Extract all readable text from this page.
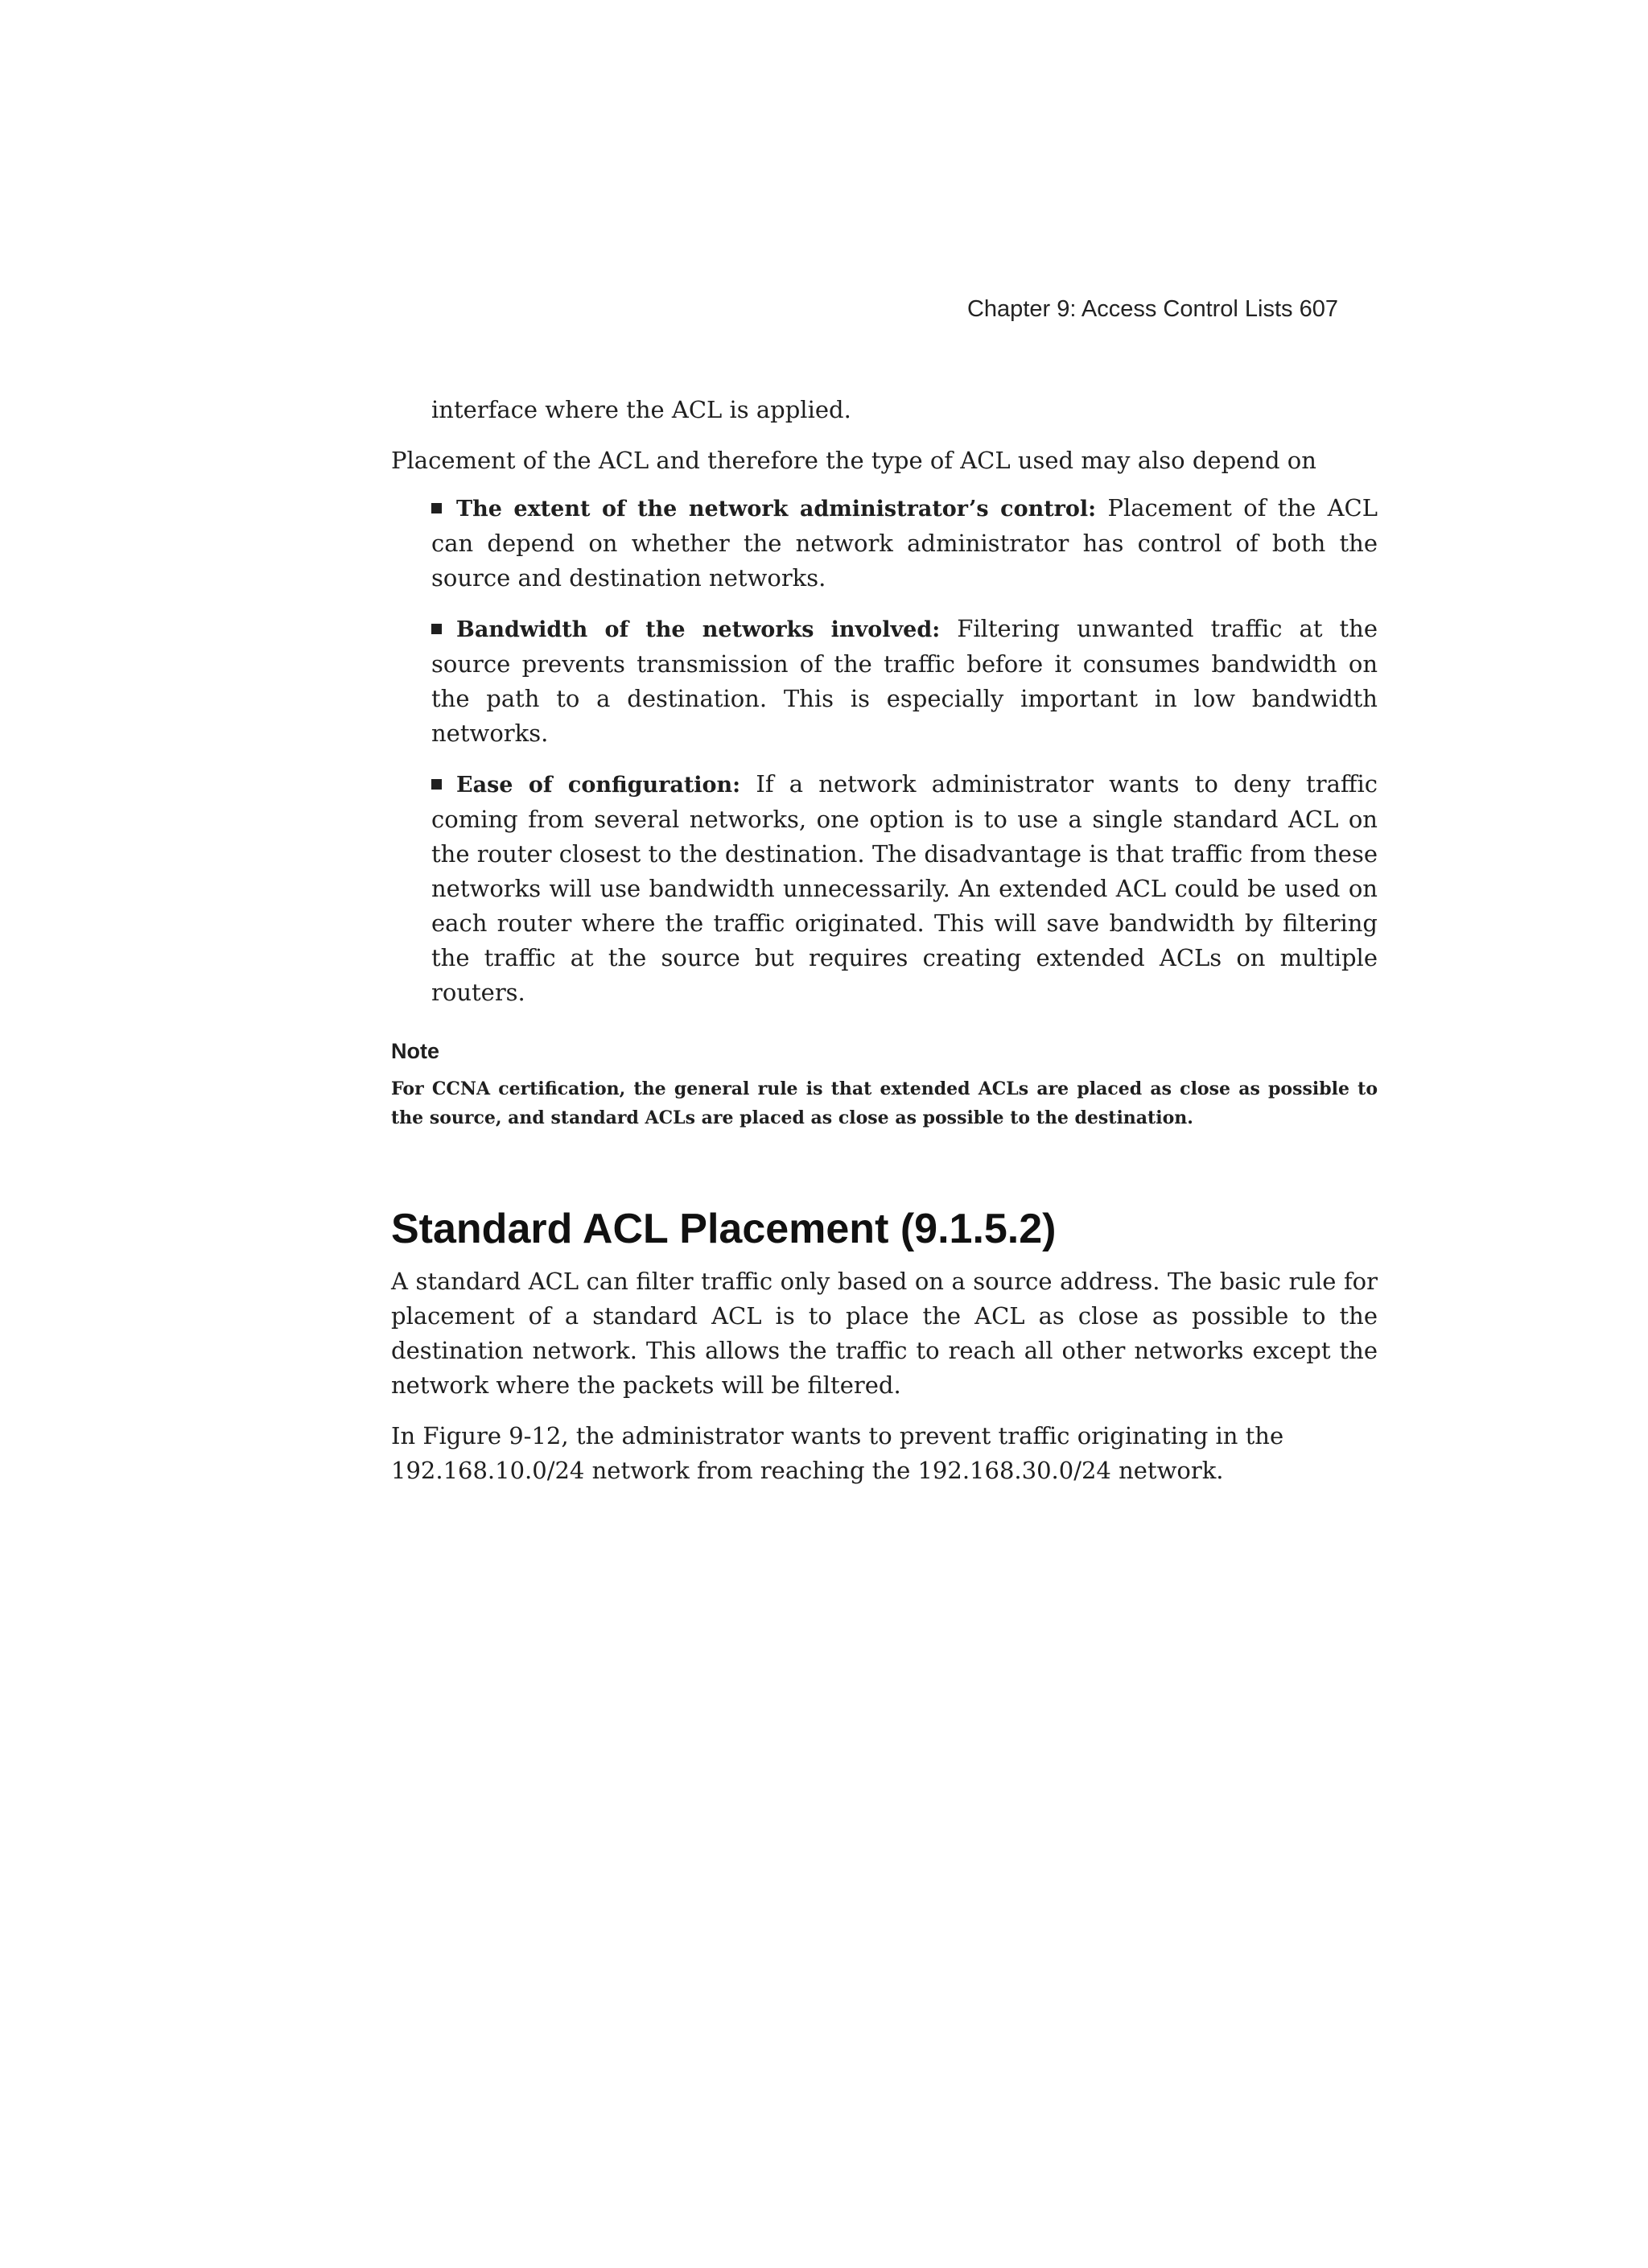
Chapter 9: Access Control Lists 607

interface where the ACL is applied.

Placement of the ACL and therefore the type of ACL used may also depend on

The extent of the network administrator’s control: Placement of the ACL can depend on whether the network administrator has control of both the source and destination networks.

Bandwidth of the networks involved: Filtering unwanted traffic at the source prevents transmission of the traffic before it consumes bandwidth on the path to a destination. This is especially important in low bandwidth networks.

Ease of configuration: If a network administrator wants to deny traffic coming from several networks, one option is to use a single standard ACL on the router closest to the destination. The disadvantage is that traffic from these networks will use bandwidth unnecessarily. An extended ACL could be used on each router where the traffic originated. This will save bandwidth by filtering the traffic at the source but requires creating extended ACLs on multiple routers.

Note

For CCNA certification, the general rule is that extended ACLs are placed as close as possible to the source, and standard ACLs are placed as close as possible to the destination.

Standard ACL Placement (9.1.5.2)

A standard ACL can filter traffic only based on a source address. The basic rule for placement of a standard ACL is to place the ACL as close as possible to the destination network. This allows the traffic to reach all other networks except the network where the packets will be filtered.

In Figure 9-12, the administrator wants to prevent traffic originating in the
192.168.10.0/24 network from reaching the 192.168.30.0/24 network.
